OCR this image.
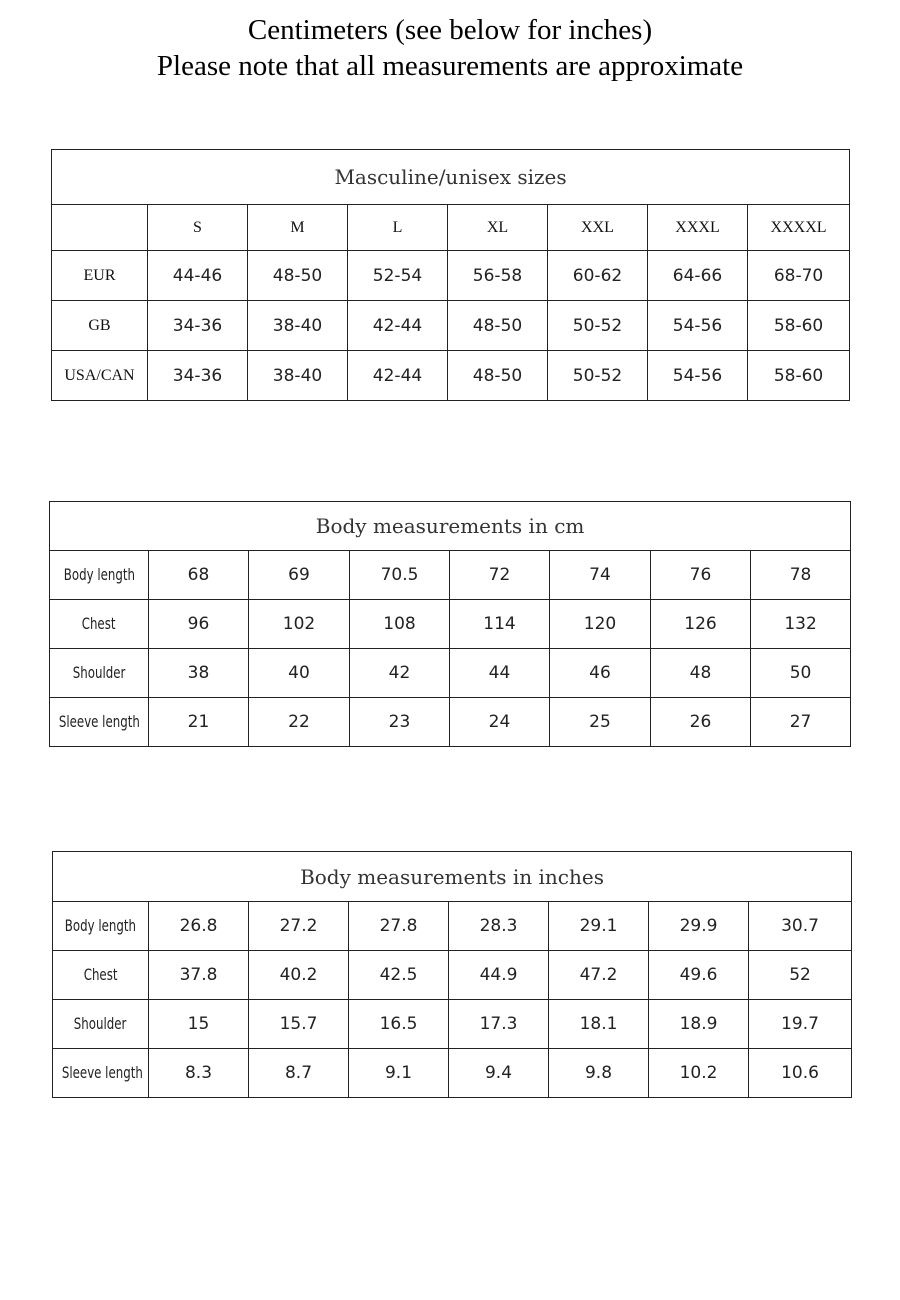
Centimeters (see below for inches)
Please note that all measurements are approximate
Masculine/unisex sizes							
	S	M	L	XL	XXL	XXXL	XXXXL
EUR	44-46	48-50	52-54	56-58	60-62	64-66	68-70
GB	34-36	38-40	42-44	48-50	50-52	54-56	58-60
USA/CAN	34-36	38-40	42-44	48-50	50-52	54-56	58-60
Body measurements in cm							
Body length	68	69	70.5	72	74	76	78
Chest	96	102	108	114	120	126	132
Shoulder	38	40	42	44	46	48	50
Sleeve length	21	22	23	24	25	26	27
Body measurements in inches							
Body length	26.8	27.2	27.8	28.3	29.1	29.9	30.7
Chest	37.8	40.2	42.5	44.9	47.2	49.6	52
Shoulder	15	15.7	16.5	17.3	18.1	18.9	19.7
Sleeve length	8.3	8.7	9.1	9.4	9.8	10.2	10.6
